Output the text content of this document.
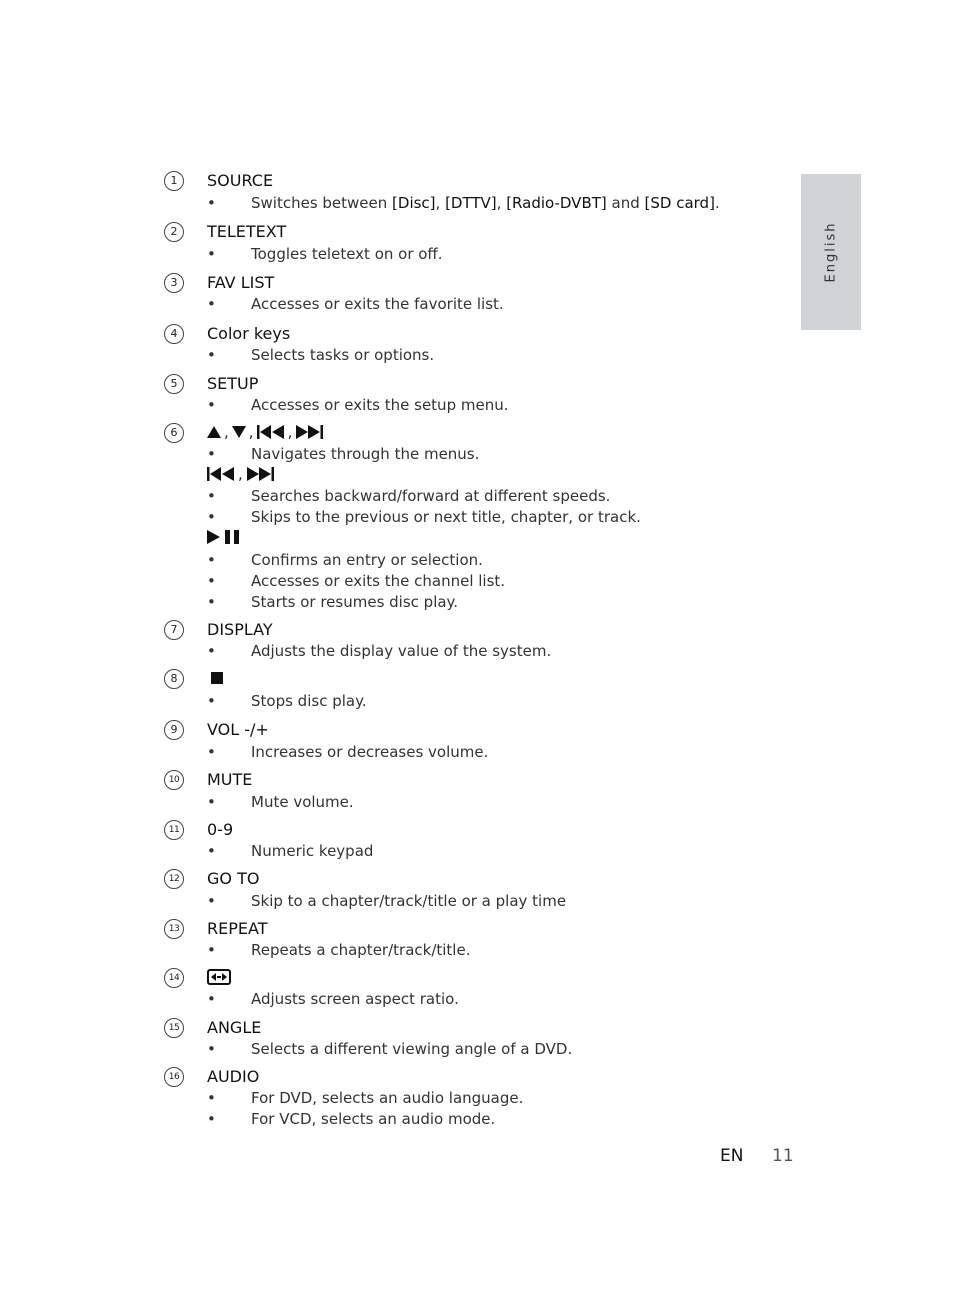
English
1	SOURCE
• Switches between [Disc], [DTTV], [Radio-DVBT] and [SD card].
2	TELETEXT
• Toggles teletext on or off.
3	FAV LIST
• Accesses or exits the favorite list.
4	Color keys
• Selects tasks or options.
5	SETUP
• Accesses or exits the setup menu.
6	, , ,
• Navigates through the menus.
,
• Searches backward/forward at different speeds.
• Skips to the previous or next title, chapter, or track.
• Confirms an entry or selection.
• Accesses or exits the channel list.
• Starts or resumes disc play.
7	DISPLAY
• Adjusts the display value of the system.
8
• Stops disc play.
9	VOL -/+
• Increases or decreases volume.
10 MUTE
• Mute volume.
11 0-9
• Numeric keypad
12 GO TO
• Skip to a chapter/track/title or a play time
13 REPEAT
• Repeats a chapter/track/title.
14
• Adjusts screen aspect ratio.
15 ANGLE
• Selects a different viewing angle of a DVD.
16 AUDIO
• For DVD, selects an audio language.
• For VCD, selects an audio mode.
EN 11
